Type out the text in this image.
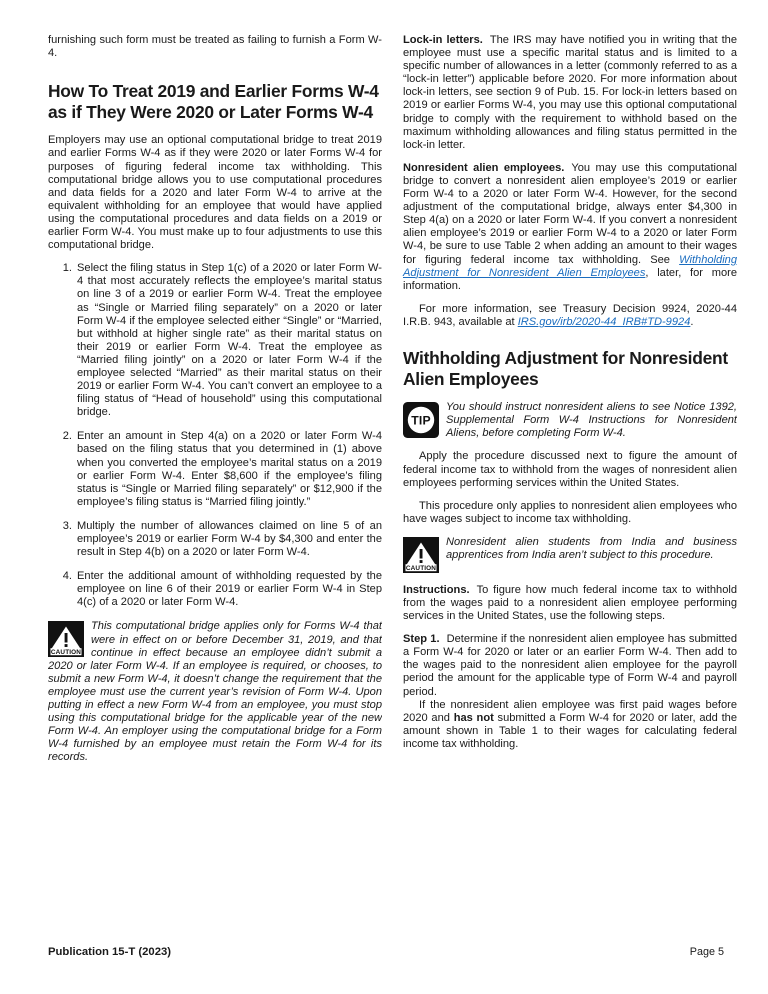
furnishing such form must be treated as failing to furnish a Form W-4.

How To Treat 2019 and Earlier Forms W-4 as if They Were 2020 or Later Forms W-4

Employers may use an optional computational bridge to treat 2019 and earlier Forms W-4 as if they were 2020 or later Forms W-4 for purposes of figuring federal income tax withholding. This computational bridge allows you to use computational procedures and data fields for a 2020 and later Form W-4 to arrive at the equivalent withholding for an employee that would have applied using the computational procedures and data fields on a 2019 or earlier Form W-4. You must make up to four adjustments to use this computational bridge.

1. Select the filing status in Step 1(c) of a 2020 or later Form W-4 that most accurately reflects the employee’s marital status on line 3 of a 2019 or earlier Form W-4. Treat the employee as “Single or Married filing separately” on a 2020 or later Form W-4 if the employee selected either “Single” or “Married, but withhold at higher single rate” as their marital status on their 2019 or earlier Form W-4. Treat the employee as “Married filing jointly” on a 2020 or later Form W-4 if the employee selected “Married” as their marital status on their 2019 or earlier Form W-4. You can’t convert an employee to a filing status of “Head of household” using this computational bridge.
2. Enter an amount in Step 4(a) on a 2020 or later Form W-4 based on the filing status that you determined in (1) above when you converted the employee’s marital status on a 2019 or earlier Form W-4. Enter $8,600 if the employee’s filing status is “Single or Married filing separately” or $12,900 if the employee’s filing status is “Married filing jointly.”
3. Multiply the number of allowances claimed on line 5 of an employee’s 2019 or earlier Form W-4 by $4,300 and enter the result in Step 4(b) on a 2020 or later Form W-4.
4. Enter the additional amount of withholding requested by the employee on line 6 of their 2019 or earlier Form W-4 in Step 4(c) of a 2020 or later Form W-4.
CAUTION
This computational bridge applies only for Forms W-4 that were in effect on or before December 31, 2019, and that continue in effect because an employee didn’t submit a 2020 or later Form W-4. If an employee is required, or chooses, to submit a new Form W-4, it doesn’t change the requirement that the employee must use the current year’s revision of Form W-4. Upon putting in effect a new Form W-4 from an employee, you must stop using this computational bridge for the applicable year of the new Form W-4. An employer using the computational bridge for a Form W-4 furnished by an employee must retain the Form W-4 for its records.

Lock-in letters. The IRS may have notified you in writing that the employee must use a specific marital status and is limited to a specific number of allowances in a letter (commonly referred to as a “lock-in letter”) applicable before 2020. For more information about lock-in letters, see section 9 of Pub. 15. For lock-in letters based on 2019 or earlier Forms W-4, you may use this optional computational bridge to comply with the requirement to withhold based on the maximum withholding allowances and filing status permitted in the lock-in letter.

Nonresident alien employees. You may use this computational bridge to convert a nonresident alien employee’s 2019 or earlier Form W-4 to a 2020 or later Form W-4. However, for the second adjustment of the computational bridge, always enter $4,300 in Step 4(a) on a 2020 or later Form W-4. If you convert a nonresident alien employee’s 2019 or earlier Form W-4 to a 2020 or later Form W-4, be sure to use Table 2 when adding an amount to their wages for figuring federal income tax withholding. See Withholding Adjustment for Nonresident Alien Employees, later, for more information.

For more information, see Treasury Decision 9924, 2020-44 I.R.B. 943, available at IRS.gov/irb/2020-44_IRB#TD-9924.

Withholding Adjustment for Nonresident Alien Employees
TIP
You should instruct nonresident aliens to see Notice 1392, Supplemental Form W-4 Instructions for Nonresident Aliens, before completing Form W-4.

Apply the procedure discussed next to figure the amount of federal income tax to withhold from the wages of nonresident alien employees performing services within the United States.

This procedure only applies to nonresident alien employees who have wages subject to income tax withholding.

CAUTION
Nonresident alien students from India and business apprentices from India aren’t subject to this procedure.

Instructions. To figure how much federal income tax to withhold from the wages paid to a nonresident alien employee performing services in the United States, use the following steps.

Step 1. Determine if the nonresident alien employee has submitted a Form W-4 for 2020 or later or an earlier Form W-4. Then add to the wages paid to the nonresident alien employee for the payroll period the amount for the applicable type of Form W-4 and payroll period.

If the nonresident alien employee was first paid wages before 2020 and has not submitted a Form W-4 for 2020 or later, add the amount shown in Table 1 to their wages for calculating federal income tax withholding.

Publication 15-T (2023)	Page 5
